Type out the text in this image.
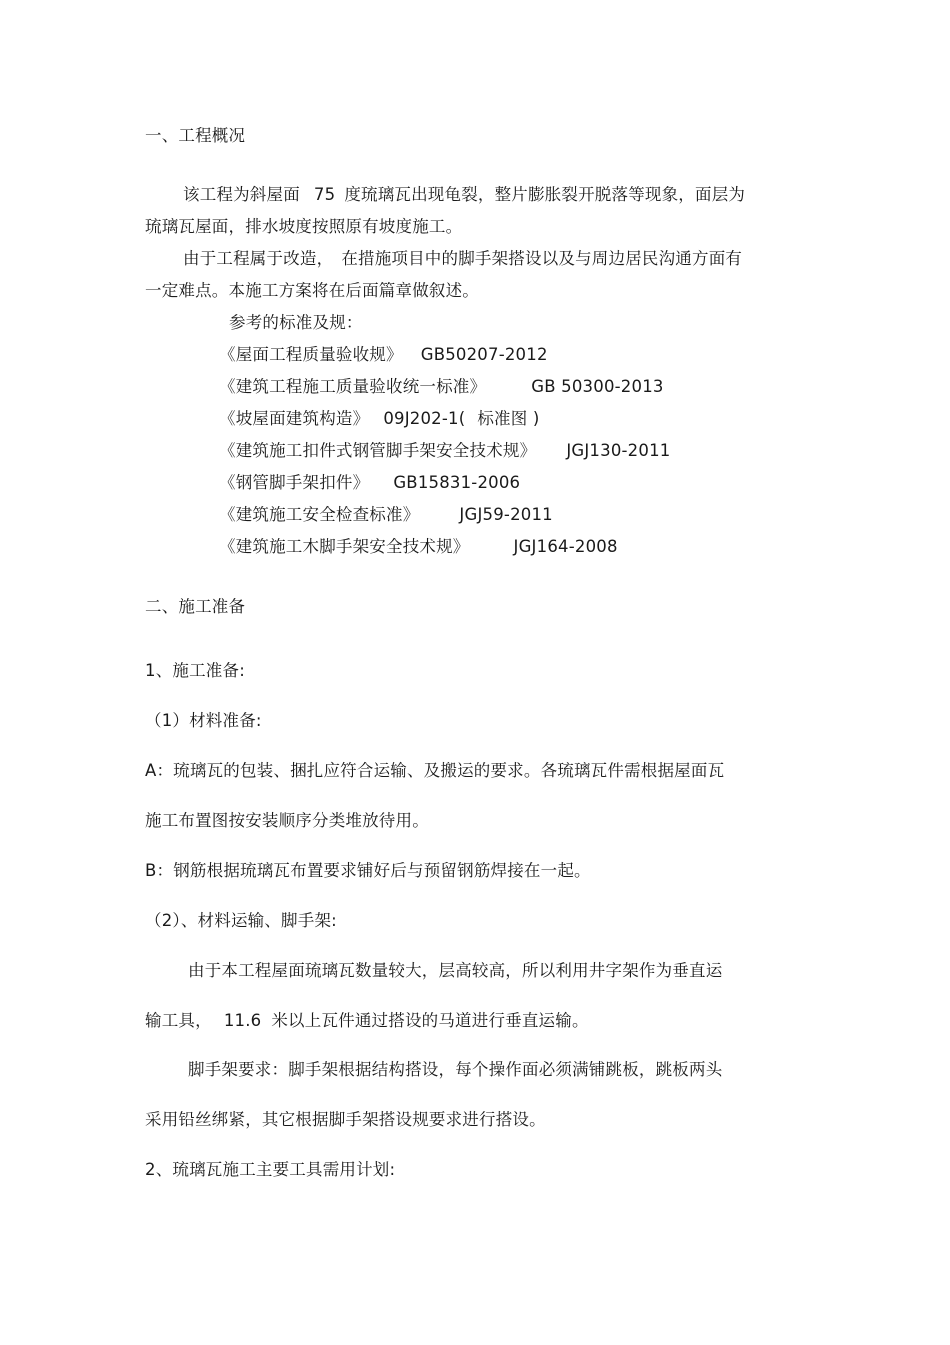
一、工程概况
该工程为斜屋面 75 度琉璃瓦出现龟裂，整片膨胀裂开脱落等现象，面层为
琉璃瓦屋面，排水坡度按照原有坡度施工。
由于工程属于改造， 在措施项目中的脚手架搭设以及与周边居民沟通方面有
一定难点。本施工方案将在后面篇章做叙述。
参考的标准及规：
《屋面工程质量验收规》 GB50207-2012
《建筑工程施工质量验收统一标准》	GB 50300-2013
《坡屋面建筑构造》 09J202-1( 标准图 )
《建筑施工扣件式钢管脚手架安全技术规》 JGJ130-2011
《钢管脚手架扣件》 GB15831-2006
《建筑施工安全检查标准》 JGJ59-2011
《建筑施工木脚手架安全技术规》	JGJ164-2008
二、施工准备
1、施工准备:
（1）材料准备:
A：琉璃瓦的包装、捆扎应符合运输、及搬运的要求。各琉璃瓦件需根据屋面瓦
施工布置图按安装顺序分类堆放待用。
B：钢筋根据琉璃瓦布置要求铺好后与预留钢筋焊接在一起。
（2）、材料运输、脚手架:
由于本工程屋面琉璃瓦数量较大，层高较高，所以利用井字架作为垂直运
输工具， 11.6 米以上瓦件通过搭设的马道进行垂直运输。
脚手架要求：脚手架根据结构搭设，每个操作面必须满铺跳板，跳板两头
采用铅丝绑紧，其它根据脚手架搭设规要求进行搭设。
2、琉璃瓦施工主要工具需用计划:
